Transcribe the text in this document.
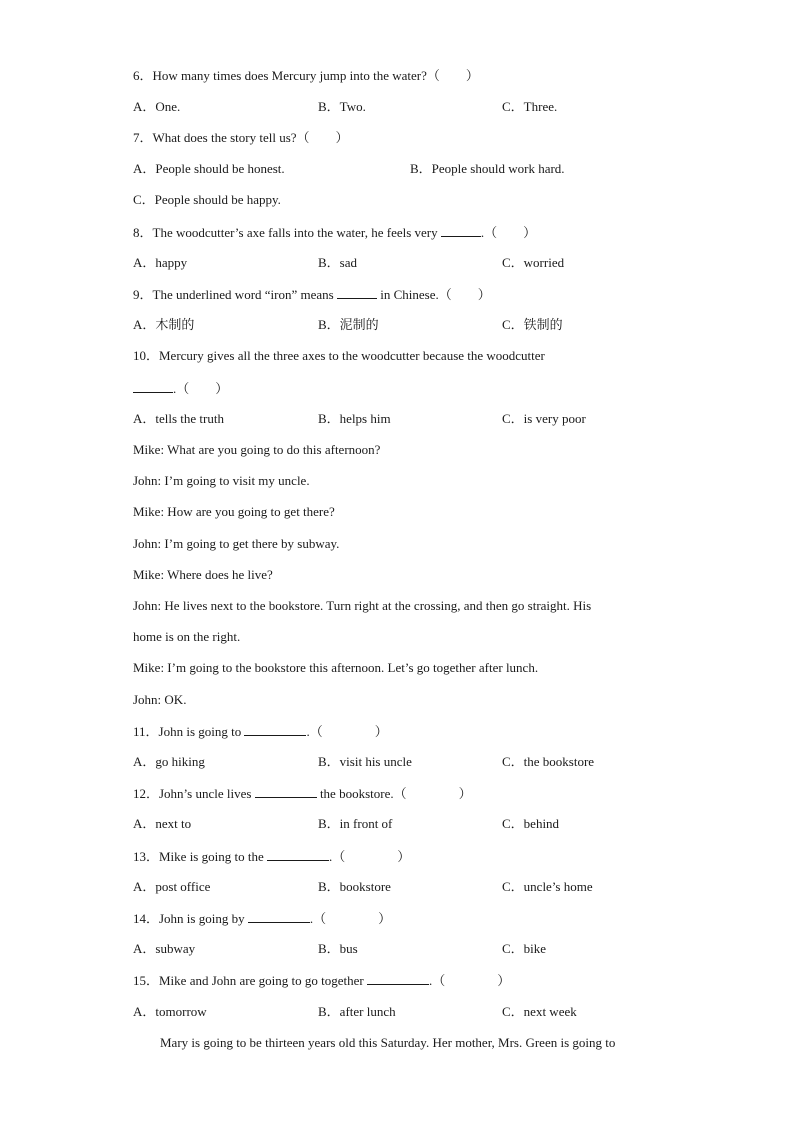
6．How many times does Mercury jump into the water?（　　）
A．One.	B．Two.	C．Three.
7．What does the story tell us?（　　）
A．People should be honest.	B．People should work hard.
C．People should be happy.
8．The woodcutter’s axe falls into the water, he feels very	.（　　）
A．happy	B．sad	C．worried
9．The underlined word “iron” means	in Chinese.（　　）
A．木制的	B．泥制的	C．铁制的
10．Mercury gives all the three axes to the woodcutter because the woodcutter
.（　　）
A．tells the truth	B．helps him	C．is very poor
Mike: What are you going to do this afternoon?
John: I’m going to visit my uncle.
Mike: How are you going to get there?
John: I’m going to get there by subway.
Mike: Where does he live?
John: He lives next to the bookstore. Turn right at the crossing, and then go straight. His
home is on the right.
Mike: I’m going to the bookstore this afternoon. Let’s go together after lunch.
John: OK.
11．John is going to	.（　　　　）
A．go hiking	B．visit his uncle	C．the bookstore
12．John’s uncle lives	the bookstore.（　　　　）
A．next to	B．in front of	C．behind
13．Mike is going to the	.（　　　　）
A．post office	B．bookstore	C．uncle’s home
14．John is going by	.（　　　　）
A．subway	B．bus	C．bike
15．Mike and John are going to go together	.（　　　　）
A．tomorrow	B．after lunch	C．next week
Mary is going to be thirteen years old this Saturday. Her mother, Mrs. Green is going to
